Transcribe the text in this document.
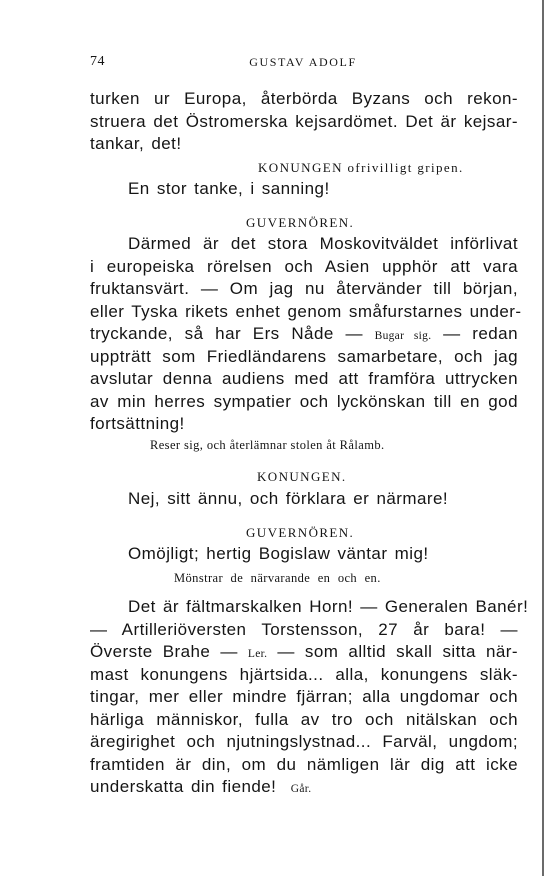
74	GUSTAV ADOLF
turken ur Europa, återbörda Byzans och rekon-
struera det Östromerska kejsardömet. Det är kejsar-
tankar, det!
KONUNGEN ofrivilligt gripen.
En stor tanke, i sanning!
GUVERNÖREN.
Därmed är det stora Moskovitväldet införlivat
i europeiska rörelsen och Asien upphör att vara
fruktansvärt. — Om jag nu återvänder till början,
eller Tyska rikets enhet genom småfurstarnes under-
tryckande, så har Ers Nåde — Bugar sig. — redan
uppträtt som Friedländarens samarbetare, och jag
avslutar denna audiens med att framföra uttrycken
av min herres sympatier och lyckönskan till en god
fortsättning!
Reser sig, och återlämnar stolen åt Rålamb.
KONUNGEN.
Nej, sitt ännu, och förklara er närmare!
GUVERNÖREN.
Omöjligt; hertig Bogislaw väntar mig!
Mönstrar de närvarande en och en.
Det är fältmarskalken Horn! — Generalen Banér!
— Artilleriöversten Torstensson, 27 år bara! —
Överste Brahe — Ler. — som alltid skall sitta när-
mast konungens hjärtsida... alla, konungens släk-
tingar, mer eller mindre fjärran; alla ungdomar och
härliga människor, fulla av tro och nitälskan och
äregirighet och njutningslystnad... Farväl, ungdom;
framtiden är din, om du nämligen lär dig att icke
underskatta din fiende! Går.
